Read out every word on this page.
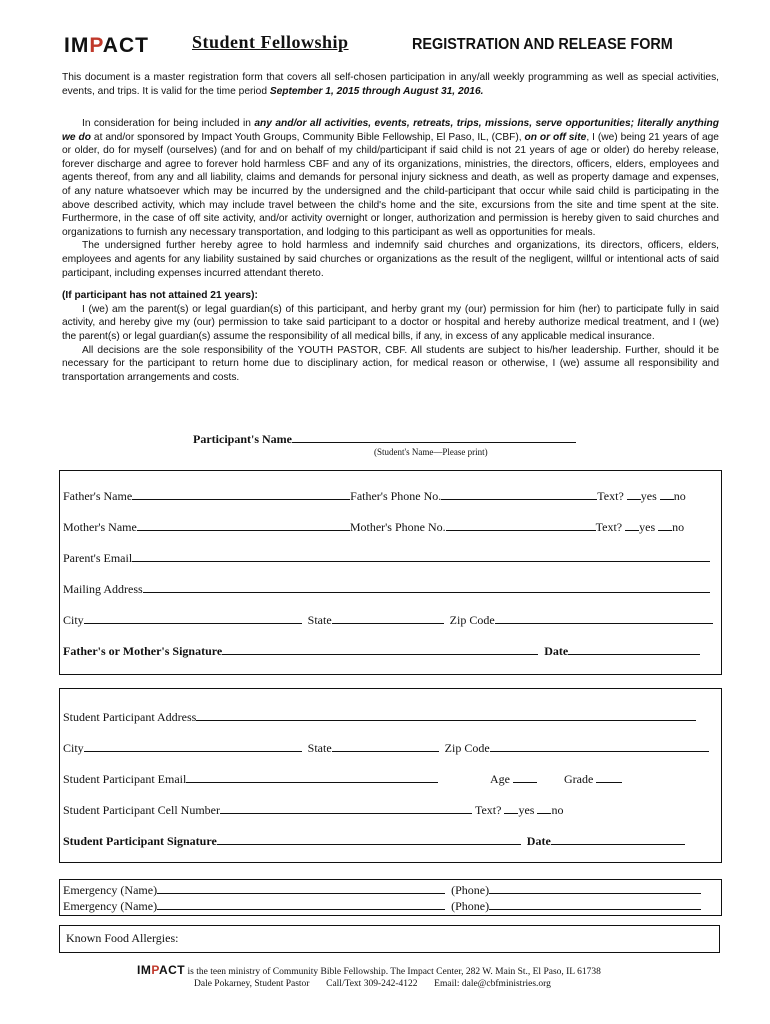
IMPACT Student Fellowship	REGISTRATION AND RELEASE FORM

This document is a master registration form that covers all self-chosen participation in any/all weekly programming as well as special activities, events, and trips. It is valid for the time period September 1, 2015 through August 31, 2016.

In consideration for being included in any and/or all activities, events, retreats, trips, missions, serve opportunities; literally anything we do at and/or sponsored by Impact Youth Groups, Community Bible Fellowship, El Paso, IL, (CBF), on or off site, I (we) being 21 years of age or older, do for myself (ourselves) (and for and on behalf of my child/participant if said child is not 21 years of age or older) do hereby release, forever discharge and agree to forever hold harmless CBF and any of its organizations, ministries, the directors, officers, elders, employees and agents thereof, from any and all liability, claims and demands for personal injury sickness and death, as well as property damage and expenses, of any nature whatsoever which may be incurred by the undersigned and the child-participant that occur while said child is participating in the above described activity, which may include travel between the child's home and the site, excursions from the site and time spent at the site. Furthermore, in the case of off site activity, and/or activity overnight or longer, authorization and permission is hereby given to said churches and organizations to furnish any necessary transportation, and lodging to this participant as well as opportunities for meals.

The undersigned further hereby agree to hold harmless and indemnify said churches and organizations, its directors, officers, elders, employees and agents for any liability sustained by said churches or organizations as the result of the negligent, willful or intentional acts of said participant, including expenses incurred attendant thereto.

(If participant has not attained 21 years):

I (we) am the parent(s) or legal guardian(s) of this participant, and herby grant my (our) permission for him (her) to participate fully in said activity, and hereby give my (our) permission to take said participant to a doctor or hospital and hereby authorize medical treatment, and I (we) the parent(s) or legal guardian(s) assume the responsibility of all medical bills, if any, in excess of any applicable medical insurance.

All decisions are the sole responsibility of the YOUTH PASTOR, CBF. All students are subject to his/her leadership. Further, should it be necessary for the participant to return home due to disciplinary action, for medical reason or otherwise, I (we) assume all responsibility and transportation arrangements and costs.

Participant's Name
(Student's Name—Please print)
Father's Name	Father's Phone No.	Text? yes no
Mother's Name	Mother's Phone No.	Text? yes no
Parent's Email
Mailing Address
City	State	Zip Code
Father's or Mother's Signature	Date
Student Participant Address
City	State	Zip Code
Student Participant Email	Age	Grade
Student Participant Cell Number	Text? yes no
Student Participant Signature	Date
Emergency (Name)	(Phone)
Emergency (Name)	(Phone)
Known Food Allergies:
IMPACT is the teen ministry of Community Bible Fellowship. The Impact Center, 282 W. Main St., El Paso, IL 61738
Dale Pokarney, Student Pastor Call/Text 309-242-4122 Email: dale@cbfministries.org
